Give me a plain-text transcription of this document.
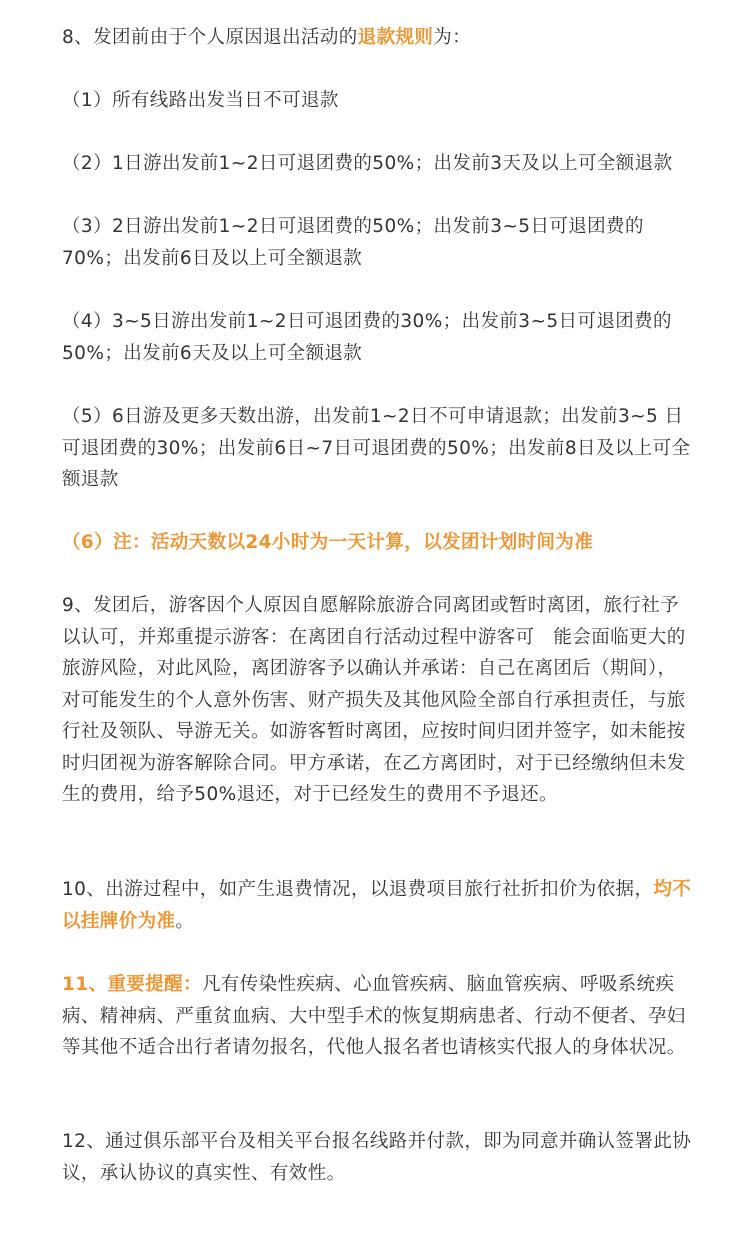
8、发团前由于个人原因退出活动的退款规则为：

（1）所有线路出发当日不可退款

（2）1日游出发前1~2日可退团费的50%；出发前3天及以上可全额退款

（3）2日游出发前1~2日可退团费的50%；出发前3~5日可退团费的70%；出发前6日及以上可全额退款

（4）3~5日游出发前1~2日可退团费的30%；出发前3~5日可退团费的50%；出发前6天及以上可全额退款

（5）6日游及更多天数出游，出发前1~2日不可申请退款；出发前3~5 日可退团费的30%；出发前6日~7日可退团费的50%；出发前8日及以上可全额退款

（6）注：活动天数以24小时为一天计算，以发团计划时间为准

9、发团后，游客因个人原因自愿解除旅游合同离团或暂时离团，旅行社予以认可，并郑重提示游客：在离团自行活动过程中游客可　能会面临更大的旅游风险，对此风险，离团游客予以确认并承诺：自己在离团后（期间），对可能发生的个人意外伤害、财产损失及其他风险全部自行承担责任，与旅行社及领队、导游无关。如游客暂时离团，应按时间归团并签字，如未能按时归团视为游客解除合同。甲方承诺，在乙方离团时，对于已经缴纳但未发生的费用，给予50%退还，对于已经发生的费用不予退还。

10、出游过程中，如产生退费情况，以退费项目旅行社折扣价为依据，均不以挂牌价为准。

11、重要提醒：凡有传染性疾病、心血管疾病、脑血管疾病、呼吸系统疾病、精神病、严重贫血病、大中型手术的恢复期病患者、行动不便者、孕妇等其他不适合出行者请勿报名，代他人报名者也请核实代报人的身体状况。

12、通过俱乐部平台及相关平台报名线路并付款，即为同意并确认签署此协议，承认协议的真实性、有效性。
